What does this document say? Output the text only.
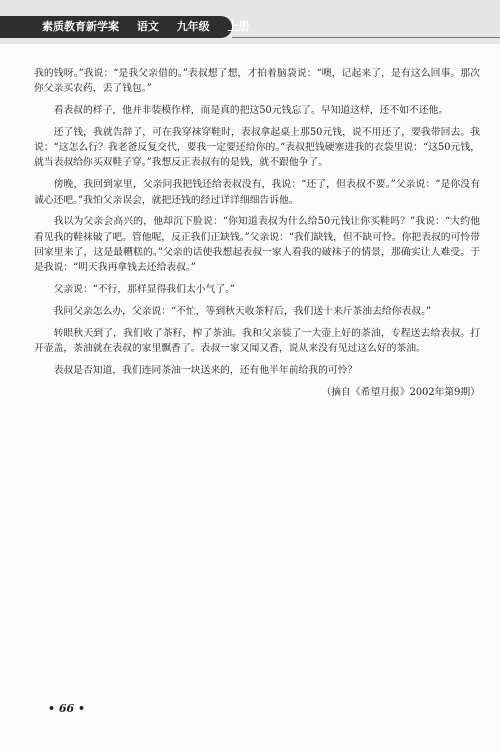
素质教育新学案 语文 九年级 上册

我的钱呀。”我说：“是我父亲借的。”表叔想了想，才拍着脑袋说：“噢，记起来了，是有这么回事。那次你父亲买农药，丢了钱包。”

看表叔的样子，他并非装模作样，而是真的把这50元钱忘了。早知道这样，还不如不还他。

还了钱，我就告辞了，可在我穿袜穿鞋时，表叔拿起桌上那50元钱，说不用还了，要我带回去。我说：“这怎么行？我老爸反复交代，要我一定要还给你的。”表叔把钱硬塞进我的衣袋里说：“这50元钱，就当表叔给你买双鞋子穿。”我想反正表叔有的是钱，就不跟他争了。

傍晚，我回到家里，父亲问我把钱还给表叔没有，我说：“还了，但表叔不要。”父亲说：“是你没有诚心还吧。”我怕父亲误会，就把还钱的经过详详细细告诉他。

我以为父亲会高兴的，他却沉下脸说：“你知道表叔为什么给50元钱让你买鞋吗？”我说：“大约他看见我的鞋袜破了吧。管他呢，反正我们正缺钱。”父亲说：“我们缺钱，但不缺可怜。你把表叔的可怜带回家里来了，这是最糟糕的。”父亲的话使我想起表叔一家人看我的破袜子的情景，那确实让人难受。于是我说：“明天我再拿钱去还给表叔。”

父亲说：“不行，那样显得我们太小气了。”

我问父亲怎么办，父亲说：“不忙，等到秋天收茶籽后，我们送十来斤茶油去给你表叔。”

转眼秋天到了，我们收了茶籽，榨了茶油。我和父亲装了一大壶上好的茶油，专程送去给表叔。打开壶盖，茶油就在表叔的家里飘香了。表叔一家又闻又香，说从来没有见过这么好的茶油。

表叔是否知道，我们连同茶油一块送来的，还有他半年前给我的可怜？

（摘自《希望月报》2002年第9期）

• 66 •
